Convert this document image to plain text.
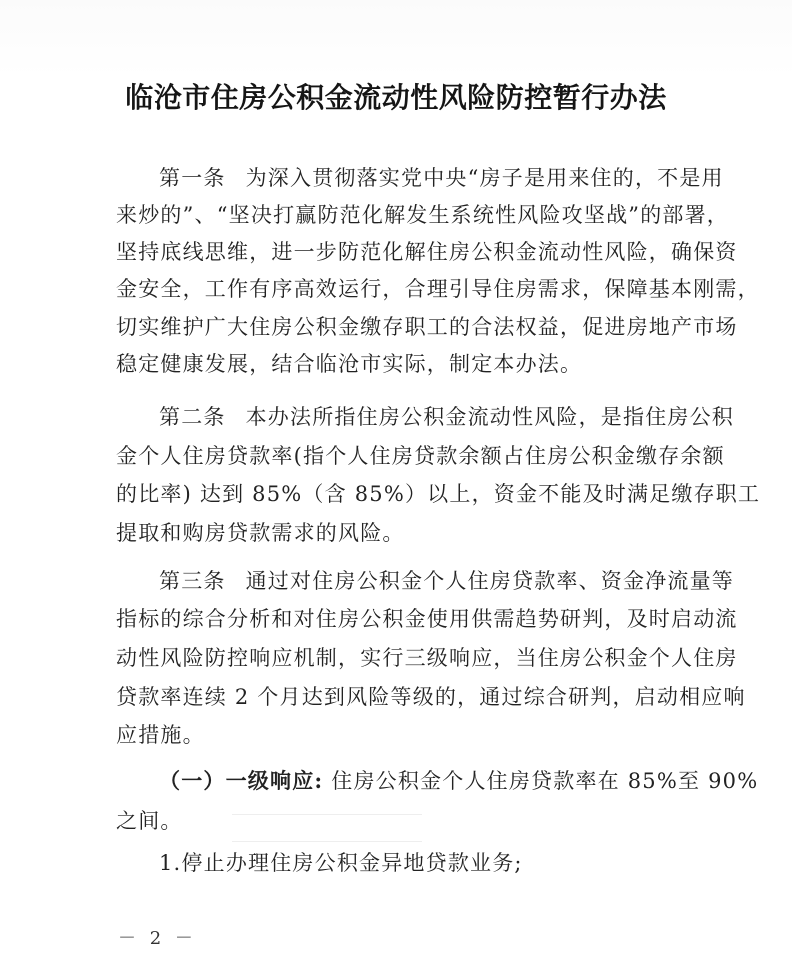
临沧市住房公积金流动性风险防控暂行办法
第一条 为深入贯彻落实党中央“房子是用来住的，不是用
来炒的”、“坚决打赢防范化解发生系统性风险攻坚战”的部署，
坚持底线思维，进一步防范化解住房公积金流动性风险，确保资
金安全，工作有序高效运行，合理引导住房需求，保障基本刚需，
切实维护广大住房公积金缴存职工的合法权益，促进房地产市场
稳定健康发展，结合临沧市实际，制定本办法。
第二条 本办法所指住房公积金流动性风险，是指住房公积
金个人住房贷款率(指个人住房贷款余额占住房公积金缴存余额
的比率) 达到 85%（含 85%）以上，资金不能及时满足缴存职工
提取和购房贷款需求的风险。
第三条 通过对住房公积金个人住房贷款率、资金净流量等
指标的综合分析和对住房公积金使用供需趋势研判，及时启动流
动性风险防控响应机制，实行三级响应，当住房公积金个人住房
贷款率连续 2 个月达到风险等级的，通过综合研判，启动相应响
应措施。
（一）一级响应: 住房公积金个人住房贷款率在 85%至 90%
之间。
1.停止办理住房公积金异地贷款业务;
－ 2 －
